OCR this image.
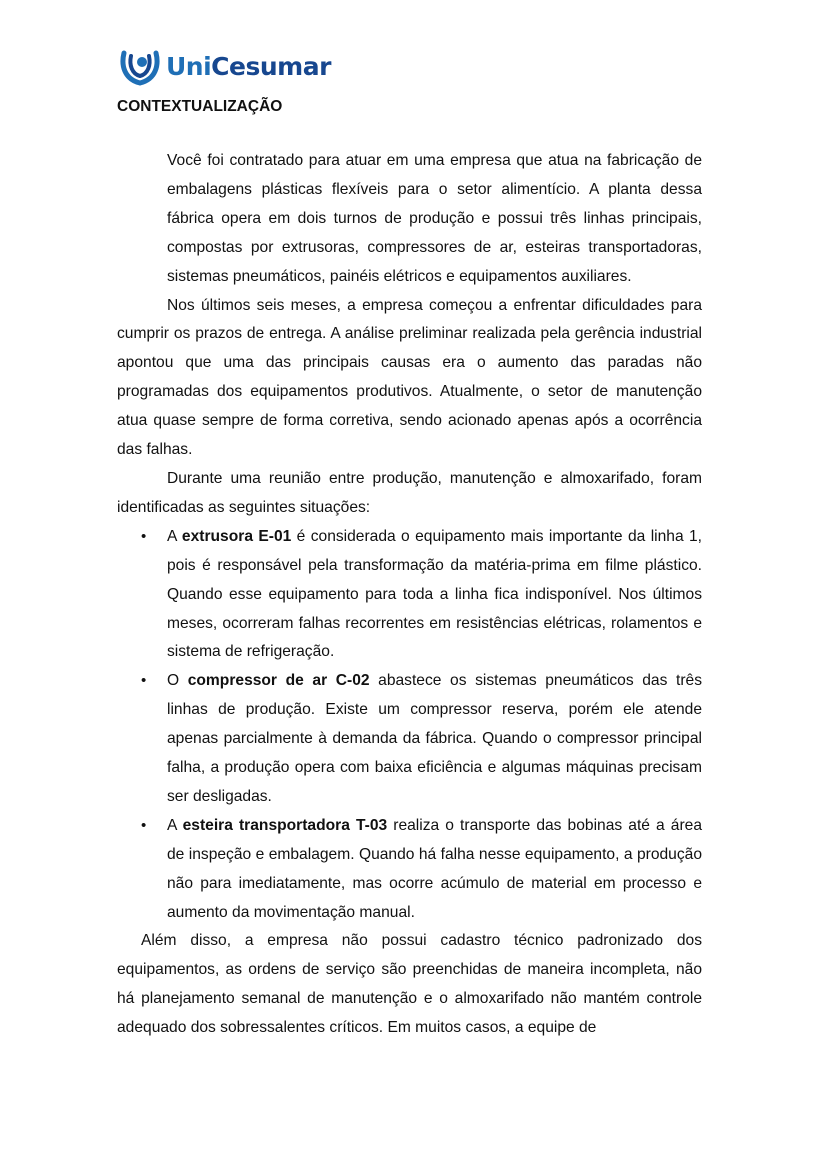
UniCesumar
CONTEXTUALIZAÇÃO

Você foi contratado para atuar em uma empresa que atua na fabricação de embalagens plásticas flexíveis para o setor alimentício. A planta dessa fábrica opera em dois turnos de produção e possui três linhas principais, compostas por extrusoras, compressores de ar, esteiras transportadoras, sistemas pneumáticos, painéis elétricos e equipamentos auxiliares.

Nos últimos seis meses, a empresa começou a enfrentar dificuldades para cumprir os prazos de entrega. A análise preliminar realizada pela gerência industrial apontou que uma das principais causas era o aumento das paradas não programadas dos equipamentos produtivos. Atualmente, o setor de manutenção atua quase sempre de forma corretiva, sendo acionado apenas após a ocorrência das falhas.

Durante uma reunião entre produção, manutenção e almoxarifado, foram identificadas as seguintes situações:

• A extrusora E-01 é considerada o equipamento mais importante da linha 1, pois é responsável pela transformação da matéria-prima em filme plástico. Quando esse equipamento para toda a linha fica indisponível. Nos últimos meses, ocorreram falhas recorrentes em resistências elétricas, rolamentos e sistema de refrigeração.
• O compressor de ar C-02 abastece os sistemas pneumáticos das três linhas de produção. Existe um compressor reserva, porém ele atende apenas parcialmente à demanda da fábrica. Quando o compressor principal falha, a produção opera com baixa eficiência e algumas máquinas precisam ser desligadas.
• A esteira transportadora T-03 realiza o transporte das bobinas até a área de inspeção e embalagem. Quando há falha nesse equipamento, a produção não para imediatamente, mas ocorre acúmulo de material em processo e aumento da movimentação manual.

Além disso, a empresa não possui cadastro técnico padronizado dos equipamentos, as ordens de serviço são preenchidas de maneira incompleta, não há planejamento semanal de manutenção e o almoxarifado não mantém controle adequado dos sobressalentes críticos. Em muitos casos, a equipe de
